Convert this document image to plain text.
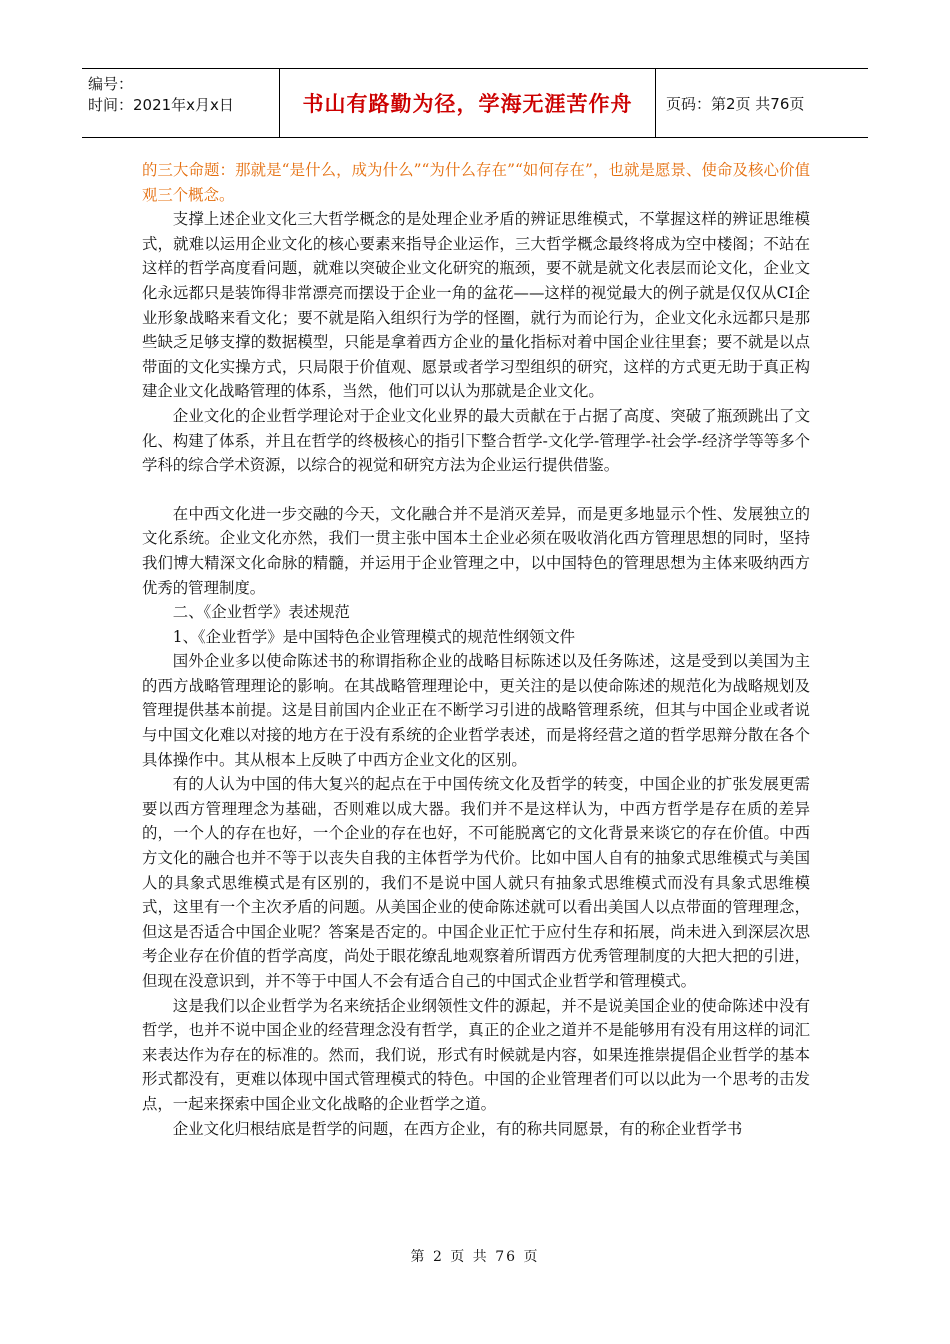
编号：
时间：2021年x月x日	书山有路勤为径，学海无涯苦作舟	页码：第2页 共76页

的三大命题：那就是“是什么，成为什么”“为什么存在”“如何存在”，也就是愿景、使命及核心价值观三个概念。

支撑上述企业文化三大哲学概念的是处理企业矛盾的辨证思维模式，不掌握这样的辨证思维模式，就难以运用企业文化的核心要素来指导企业运作，三大哲学概念最终将成为空中楼阁；不站在这样的哲学高度看问题，就难以突破企业文化研究的瓶颈，要不就是就文化表层而论文化，企业文化永远都只是装饰得非常漂亮而摆设于企业一角的盆花——这样的视觉最大的例子就是仅仅从CI企业形象战略来看文化；要不就是陷入组织行为学的怪圈，就行为而论行为，企业文化永远都只是那些缺乏足够支撑的数据模型，只能是拿着西方企业的量化指标对着中国企业往里套；要不就是以点带面的文化实操方式，只局限于价值观、愿景或者学习型组织的研究，这样的方式更无助于真正构建企业文化战略管理的体系，当然，他们可以认为那就是企业文化。

企业文化的企业哲学理论对于企业文化业界的最大贡献在于占据了高度、突破了瓶颈跳出了文化、构建了体系，并且在哲学的终极核心的指引下整合哲学-文化学-管理学-社会学-经济学等等多个学科的综合学术资源，以综合的视觉和研究方法为企业运行提供借鉴。

在中西文化进一步交融的今天，文化融合并不是消灭差异，而是更多地显示个性、发展独立的文化系统。企业文化亦然，我们一贯主张中国本土企业必须在吸收消化西方管理思想的同时，坚持我们博大精深文化命脉的精髓，并运用于企业管理之中，以中国特色的管理思想为主体来吸纳西方优秀的管理制度。

二、《企业哲学》表述规范

1、《企业哲学》是中国特色企业管理模式的规范性纲领文件

国外企业多以使命陈述书的称谓指称企业的战略目标陈述以及任务陈述，这是受到以美国为主的西方战略管理理论的影响。在其战略管理理论中，更关注的是以使命陈述的规范化为战略规划及管理提供基本前提。这是目前国内企业正在不断学习引进的战略管理系统，但其与中国企业或者说与中国文化难以对接的地方在于没有系统的企业哲学表述，而是将经营之道的哲学思辩分散在各个具体操作中。其从根本上反映了中西方企业文化的区别。

有的人认为中国的伟大复兴的起点在于中国传统文化及哲学的转变，中国企业的扩张发展更需要以西方管理理念为基础，否则难以成大器。我们并不是这样认为，中西方哲学是存在质的差异的，一个人的存在也好，一个企业的存在也好，不可能脱离它的文化背景来谈它的存在价值。中西方文化的融合也并不等于以丧失自我的主体哲学为代价。比如中国人自有的抽象式思维模式与美国人的具象式思维模式是有区别的，我们不是说中国人就只有抽象式思维模式而没有具象式思维模式，这里有一个主次矛盾的问题。从美国企业的使命陈述就可以看出美国人以点带面的管理理念，但这是否适合中国企业呢？答案是否定的。中国企业正忙于应付生存和拓展，尚未进入到深层次思考企业存在价值的哲学高度，尚处于眼花缭乱地观察着所谓西方优秀管理制度的大把大把的引进，但现在没意识到，并不等于中国人不会有适合自己的中国式企业哲学和管理模式。

这是我们以企业哲学为名来统括企业纲领性文件的源起，并不是说美国企业的使命陈述中没有哲学，也并不说中国企业的经营理念没有哲学，真正的企业之道并不是能够用有没有用这样的词汇来表达作为存在的标准的。然而，我们说，形式有时候就是内容，如果连推崇提倡企业哲学的基本形式都没有，更难以体现中国式管理模式的特色。中国的企业管理者们可以以此为一个思考的击发点，一起来探索中国企业文化战略的企业哲学之道。

企业文化归根结底是哲学的问题，在西方企业，有的称共同愿景，有的称企业哲学书

第 2 页 共 76 页
